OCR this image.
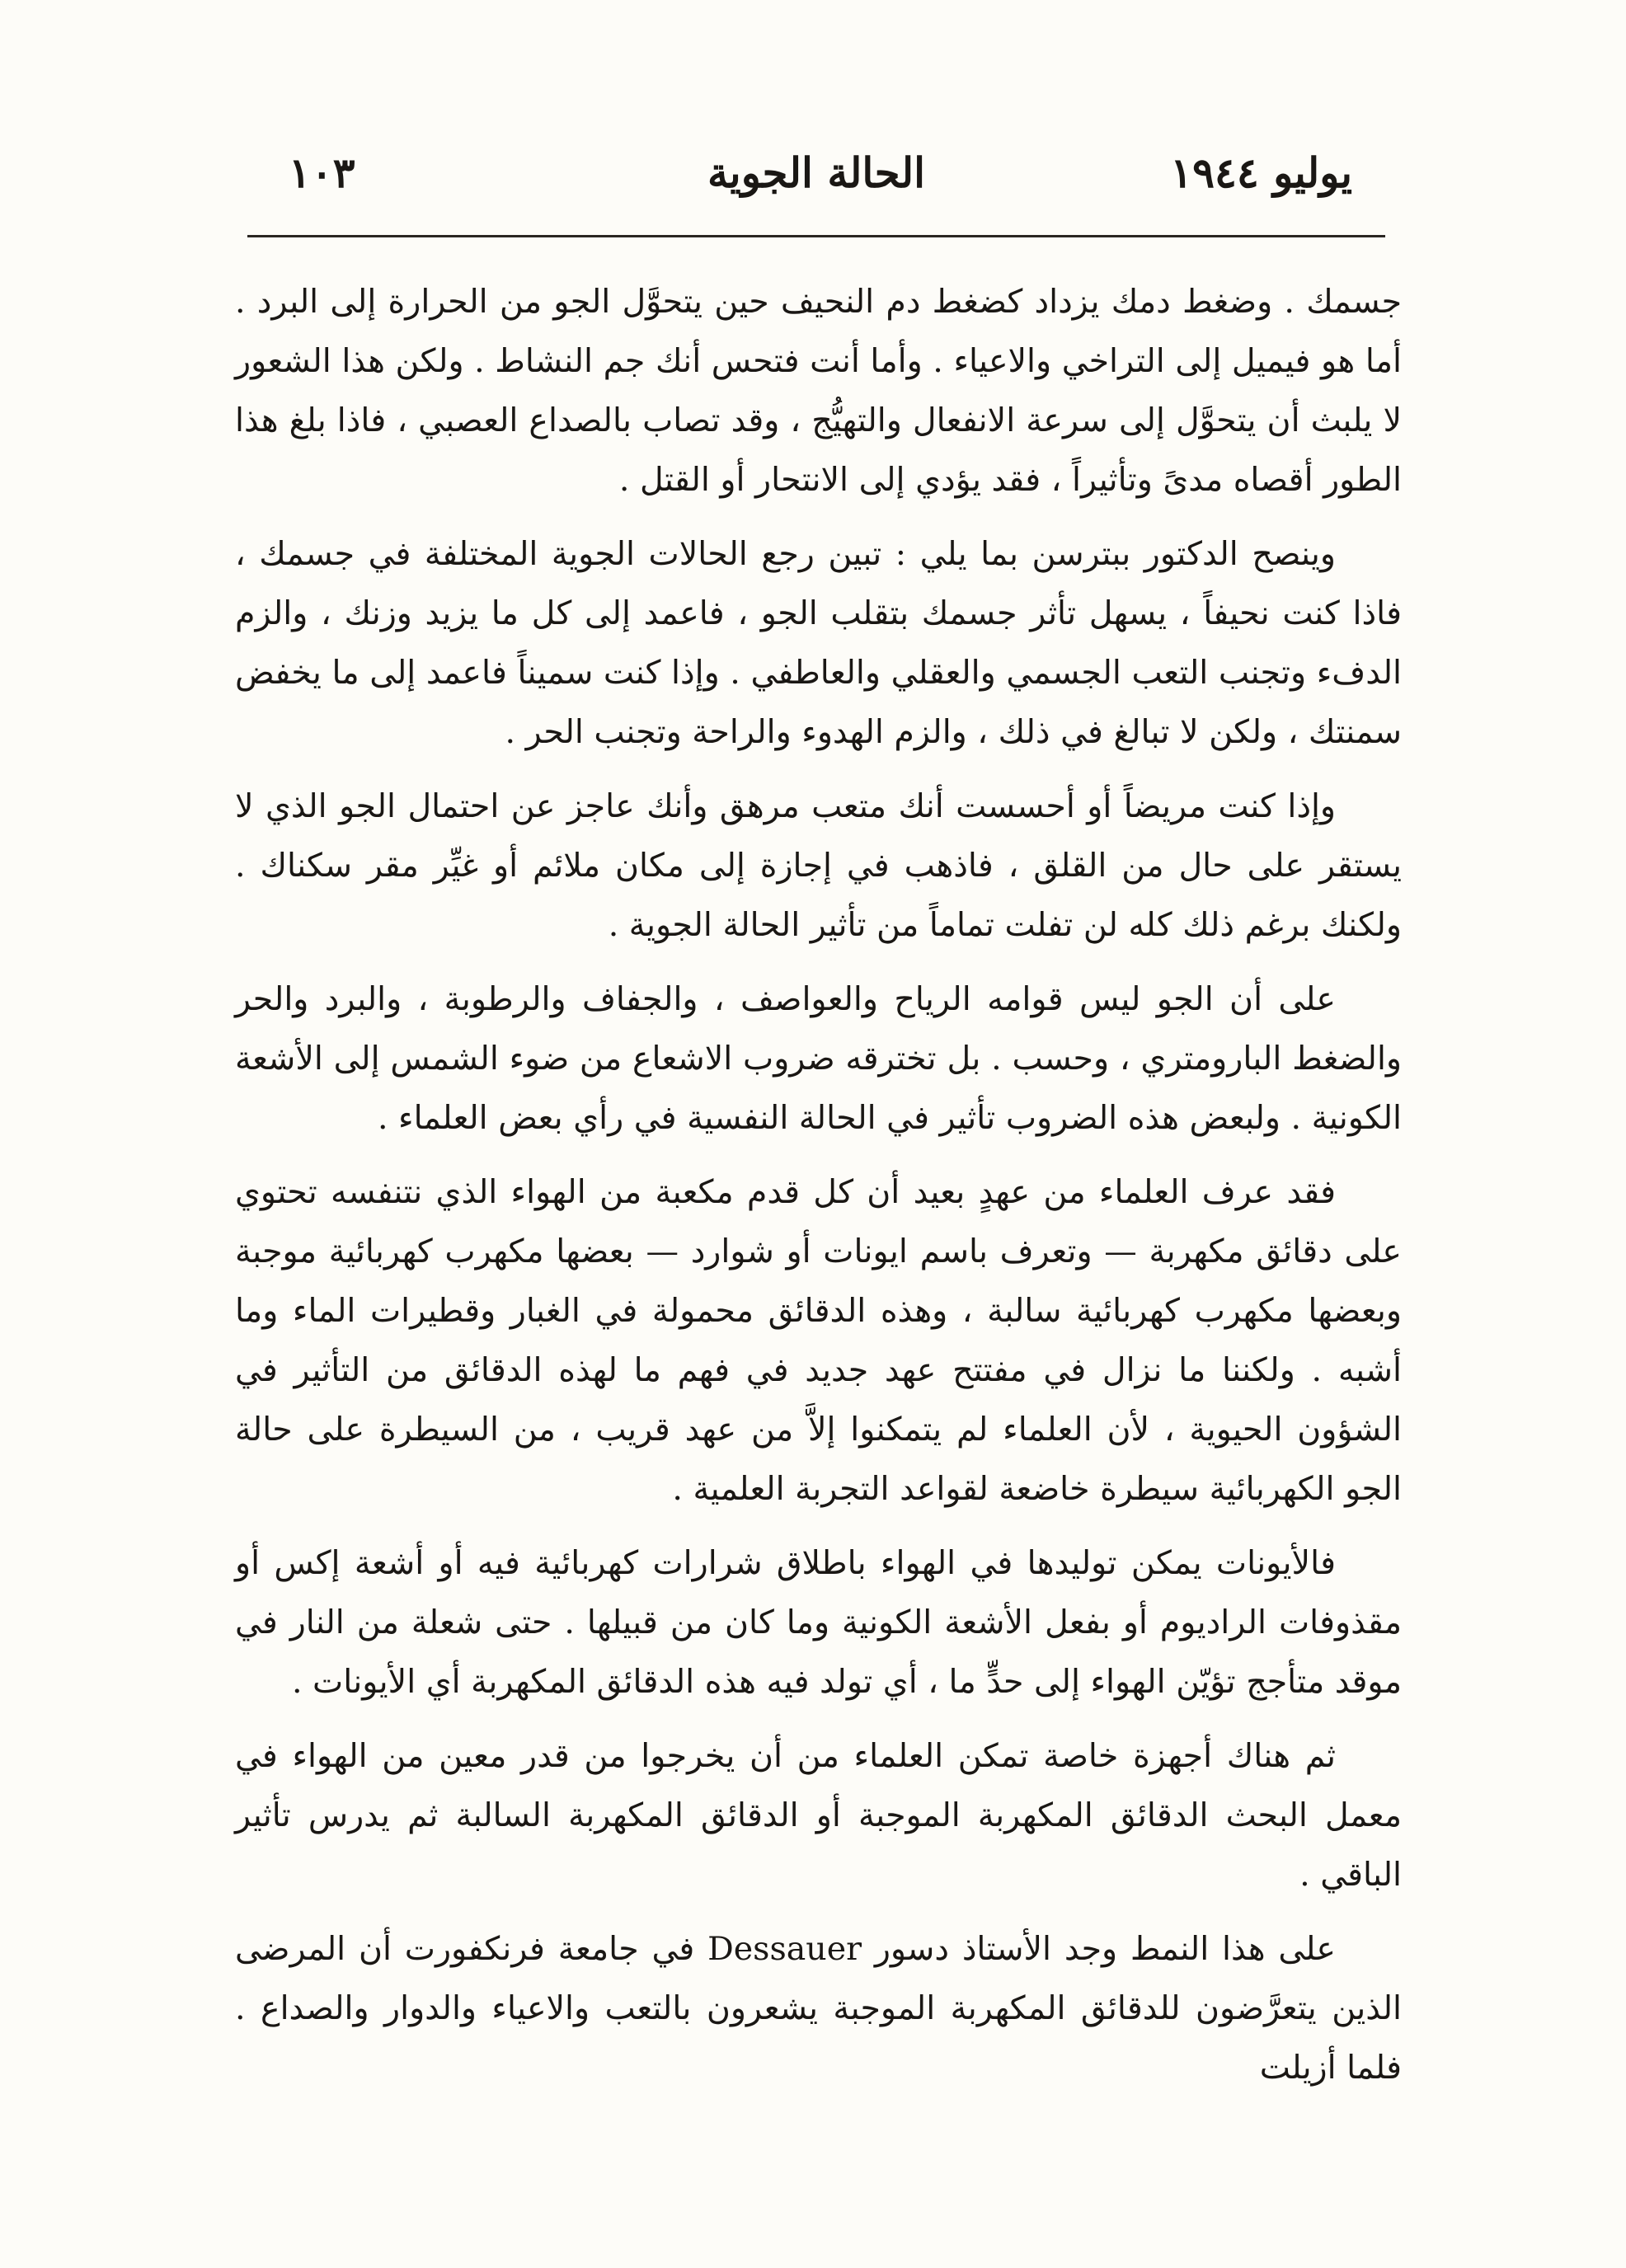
يوليو ١٩٤٤
الحالة الجوية
١٠٣

جسمك . وضغط دمك يزداد كضغط دم النحيف حين يتحوَّل الجو من الحرارة إلى البرد . أما هو فيميل إلى التراخي والاعياء . وأما أنت فتحس أنك جم النشاط . ولكن هذا الشعور لا يلبث أن يتحوَّل إلى سرعة الانفعال والتهيُّج ، وقد تصاب بالصداع العصبي ، فاذا بلغ هذا الطور أقصاه مدىً وتأثيراً ، فقد يؤدي إلى الانتحار أو القتل .

وينصح الدكتور ببترسن بما يلي : تبين رجع الحالات الجوية المختلفة في جسمك ، فاذا كنت نحيفاً ، يسهل تأثر جسمك بتقلب الجو ، فاعمد إلى كل ما يزيد وزنك ، والزم الدفء وتجنب التعب الجسمي والعقلي والعاطفي . وإذا كنت سميناً فاعمد إلى ما يخفض سمنتك ، ولكن لا تبالغ في ذلك ، والزم الهدوء والراحة وتجنب الحر .

وإذا كنت مريضاً أو أحسست أنك متعب مرهق وأنك عاجز عن احتمال الجو الذي لا يستقر على حال من القلق ، فاذهب في إجازة إلى مكان ملائم أو غيِّر مقر سكناك . ولكنك برغم ذلك كله لن تفلت تماماً من تأثير الحالة الجوية .

على أن الجو ليس قوامه الرياح والعواصف ، والجفاف والرطوبة ، والبرد والحر والضغط البارومتري ، وحسب . بل تخترقه ضروب الاشعاع من ضوء الشمس إلى الأشعة الكونية . ولبعض هذه الضروب تأثير في الحالة النفسية في رأي بعض العلماء .

فقد عرف العلماء من عهدٍ بعيد أن كل قدم مكعبة من الهواء الذي نتنفسه تحتوي على دقائق مكهربة — وتعرف باسم ايونات أو شوارد — بعضها مكهرب كهربائية موجبة وبعضها مكهرب كهربائية سالبة ، وهذه الدقائق محمولة في الغبار وقطيرات الماء وما أشبه . ولكننا ما نزال في مفتتح عهد جديد في فهم ما لهذه الدقائق من التأثير في الشؤون الحيوية ، لأن العلماء لم يتمكنوا إلاَّ من عهد قريب ، من السيطرة على حالة الجو الكهربائية سيطرة خاضعة لقواعد التجربة العلمية .

فالأيونات يمكن توليدها في الهواء باطلاق شرارات كهربائية فيه أو أشعة إكس أو مقذوفات الراديوم أو بفعل الأشعة الكونية وما كان من قبيلها . حتى شعلة من النار في موقد متأجج تؤيّن الهواء إلى حدٍّ ما ، أي تولد فيه هذه الدقائق المكهربة أي الأيونات .

ثم هناك أجهزة خاصة تمكن العلماء من أن يخرجوا من قدر معين من الهواء في معمل البحث الدقائق المكهربة الموجبة أو الدقائق المكهربة السالبة ثم يدرس تأثير الباقي .

على هذا النمط وجد الأستاذ دسور Dessauer في جامعة فرنكفورت أن المرضى الذين يتعرَّضون للدقائق المكهربة الموجبة يشعرون بالتعب والاعياء والدوار والصداع . فلما أزيلت
